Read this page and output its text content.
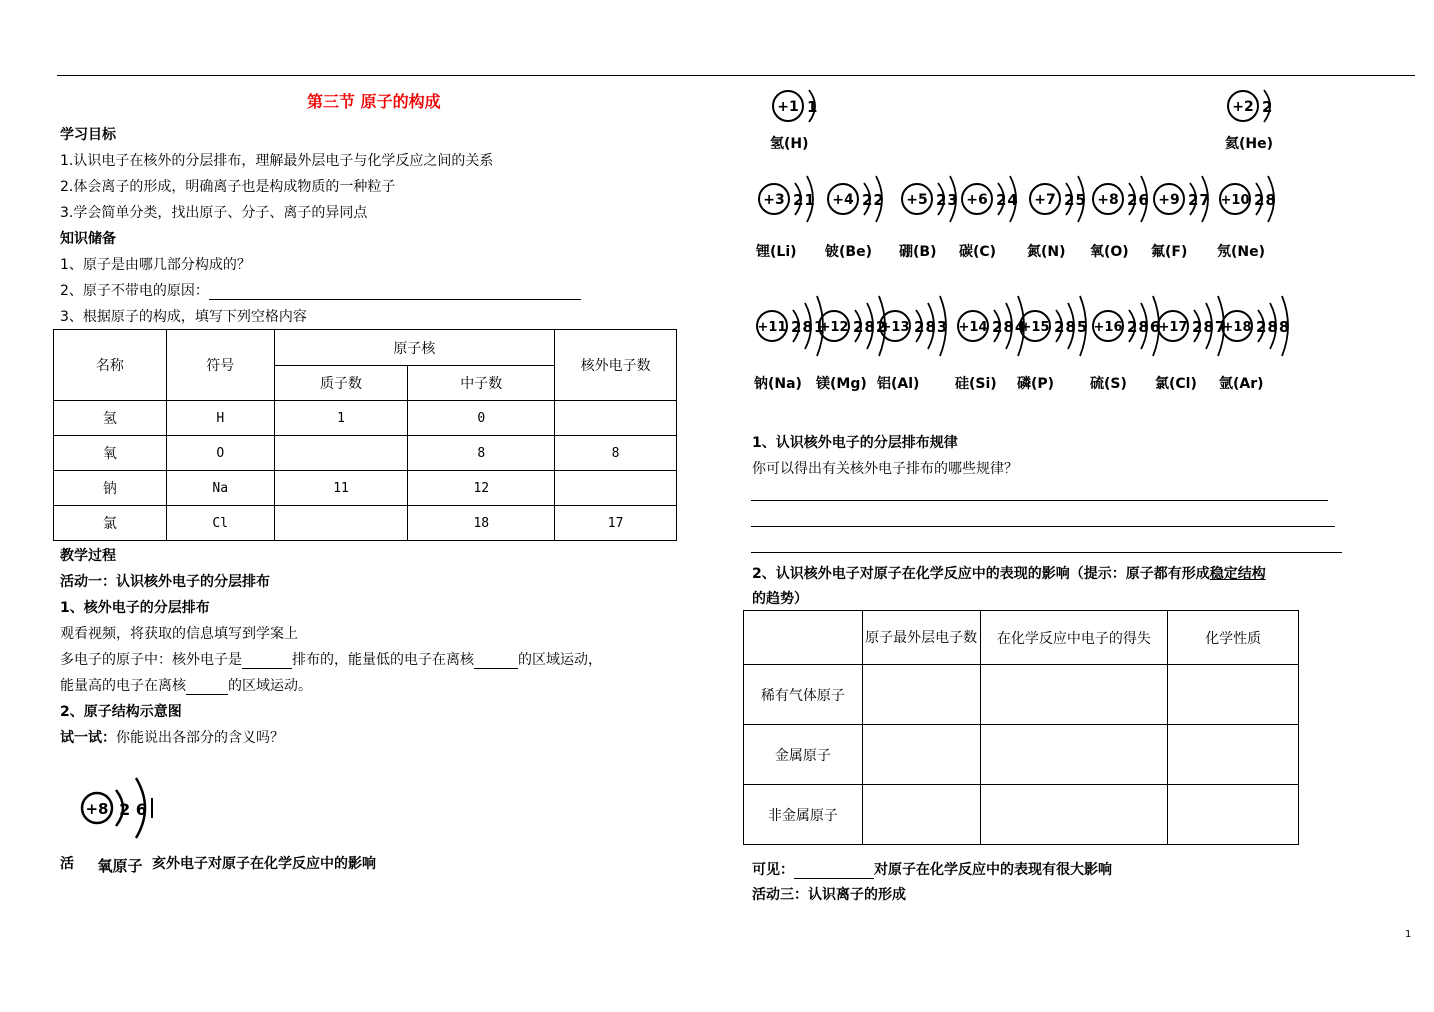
第三节 原子的构成
学习目标
1.认识电子在核外的分层排布，理解最外层电子与化学反应之间的关系
2.体会离子的形成，明确离子也是构成物质的一种粒子
3.学会简单分类，找出原子、分子、离子的异同点
知识储备
1、原子是由哪几部分构成的？
2、原子不带电的原因：
3、根据原子的构成，填写下列空格内容
名称	符号	原子核		核外电子数
		质子数	中子数	
氢	H	1	0	
氧	O		8	8
钠	Na	11	12	
氯	Cl		18	17
教学过程
活动一：认识核外电子的分层排布
1、核外电子的分层排布
观看视频，将获取的信息填写到学案上
多电子的原子中：核外电子是	排布的，能量低的电子在离核	的区域运动，
能量高的电子在离核	的区域运动。
2、原子结构示意图
试一试：你能说出各部分的含义吗？
+8 2 6
氧原子
活	亥外电子对原子在化学反应中的影响
+1 1
氢(H)
+2 2
氦(He)
+3 21
锂(Li)
+4 22
铍(Be)
+5 23
硼(B)
+6 24
碳(C)
+7 25
氮(N)
+8 26
氧(O)
+9 27
氟(F)
+10 28
氖(Ne)
+11 281
钠(Na)
+12 282
镁(Mg)
+13 283
铝(Al)
+14 284
硅(Si)
+15 285
磷(P)
+16 286
硫(S)
+17 287
氯(Cl)
+18 288
氩(Ar)
1、认识核外电子的分层排布规律
你可以得出有关核外电子排布的哪些规律？
2、认识核外电子对原子在化学反应中的表现的影响（提示：原子都有形成稳定结构
的趋势）
	原子最外层电子数	在化学反应中电子的得失	化学性质
稀有气体原子			
金属原子			
非金属原子			
可见：	对原子在化学反应中的表现有很大影响
活动三：认识离子的形成
1
